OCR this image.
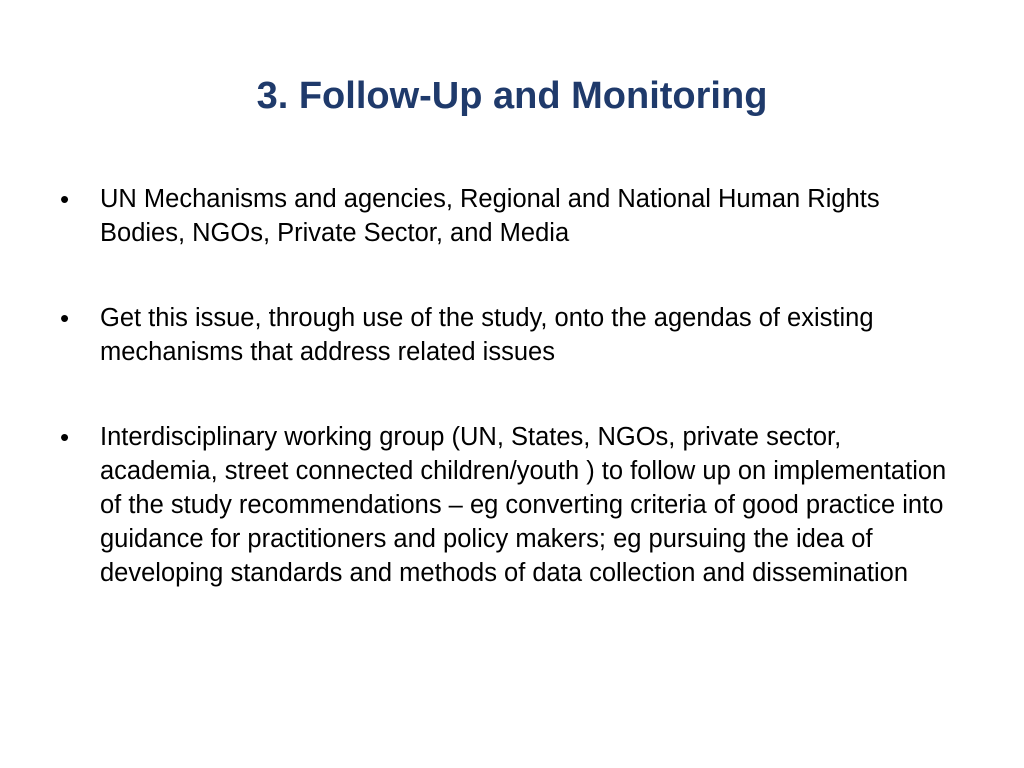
3. Follow-Up and Monitoring
• UN Mechanisms and agencies, Regional and National Human Rights Bodies, NGOs, Private Sector, and Media
• Get this issue, through use of the study, onto the agendas of existing mechanisms that address related issues
• Interdisciplinary working group (UN, States, NGOs, private sector, academia, street connected children/youth ) to follow up on implementation of the study recommendations – eg converting criteria of good practice into guidance for practitioners and policy makers; eg pursuing the idea of developing standards and methods of data collection and dissemination
